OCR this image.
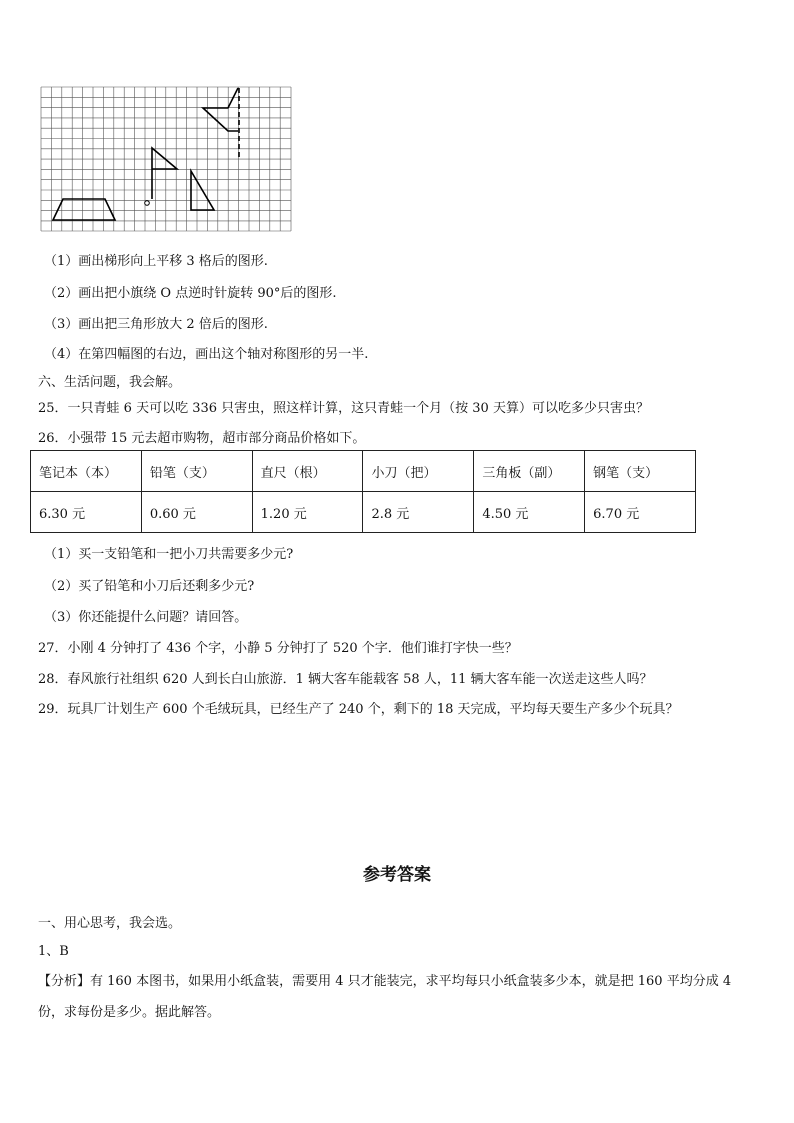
（1）画出梯形向上平移 3 格后的图形.
（2）画出把小旗绕 O 点逆时针旋转 90°后的图形.
（3）画出把三角形放大 2 倍后的图形.
（4）在第四幅图的右边，画出这个轴对称图形的另一半.
六、生活问题，我会解。
25．一只青蛙 6 天可以吃 336 只害虫，照这样计算，这只青蛙一个月（按 30 天算）可以吃多少只害虫？
26．小强带 15 元去超市购物，超市部分商品价格如下。
笔记本（本）	铅笔（支）	直尺（根）	小刀（把）	三角板（副）	钢笔（支）
6.30 元	0.60 元	1.20 元	2.8 元	4.50 元	6.70 元
（1）买一支铅笔和一把小刀共需要多少元?
（2）买了铅笔和小刀后还剩多少元?
（3）你还能提什么问题？请回答。
27．小刚 4 分钟打了 436 个字，小静 5 分钟打了 520 个字．他们谁打字快一些？
28．春风旅行社组织 620 人到长白山旅游．1 辆大客车能载客 58 人，11 辆大客车能一次送走这些人吗？
29．玩具厂计划生产 600 个毛绒玩具，已经生产了 240 个，剩下的 18 天完成，平均每天要生产多少个玩具？
参考答案
一、用心思考，我会选。
1、B
【分析】有 160 本图书，如果用小纸盒装，需要用 4 只才能装完，求平均每只小纸盒装多少本，就是把 160 平均分成 4
份，求每份是多少。据此解答。
